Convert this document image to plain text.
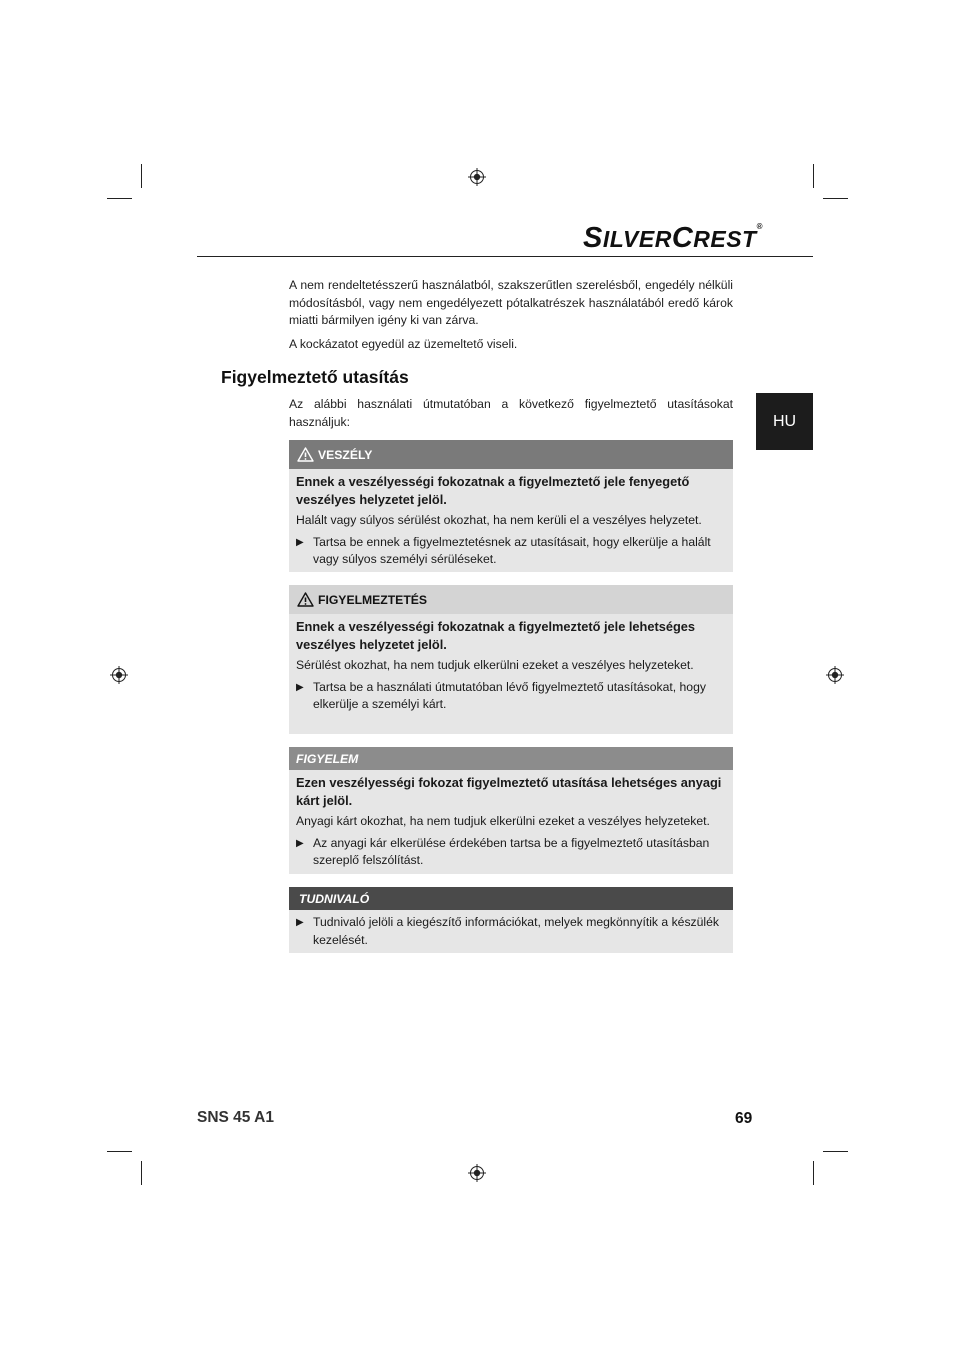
SILVERCREST®
HU
A nem rendeltetésszerű használatból, szakszerűtlen szerelésből, engedély nélküli módosításból, vagy nem engedélyezett pótalkatrészek használatából eredő károk miatti bármilyen igény ki van zárva.
A kockázatot egyedül az üzemeltető viseli.
Figyelmeztető utasítás
Az alábbi használati útmutatóban a következő figyelmeztető utasításokat használjuk:
VESZÉLY
Ennek a veszélyességi fokozatnak a figyelmeztető jele fenyegető veszélyes helyzetet jelöl.
Halált vagy súlyos sérülést okozhat, ha nem kerüli el a veszélyes helyzetet.
▶ Tartsa be ennek a figyelmeztetésnek az utasításait, hogy elkerülje a halált vagy súlyos személyi sérüléseket.
FIGYELMEZTETÉS
Ennek a veszélyességi fokozatnak a figyelmeztető jele lehetséges veszélyes helyzetet jelöl.
Sérülést okozhat, ha nem tudjuk elkerülni ezeket a veszélyes helyzeteket.
▶ Tartsa be a használati útmutatóban lévő figyelmeztető utasításokat, hogy elkerülje a személyi kárt.
FIGYELEM
Ezen veszélyességi fokozat figyelmeztető utasítása lehetséges anyagi kárt jelöl.
Anyagi kárt okozhat, ha nem tudjuk elkerülni ezeket a veszélyes helyzeteket.
▶ Az anyagi kár elkerülése érdekében tartsa be a figyelmeztető utasításban szereplő felszólítást.
TUDNIVALÓ
▶ Tudnivaló jelöli a kiegészítő információkat, melyek megkönnyítik a készülék kezelését.
SNS 45 A1	69
